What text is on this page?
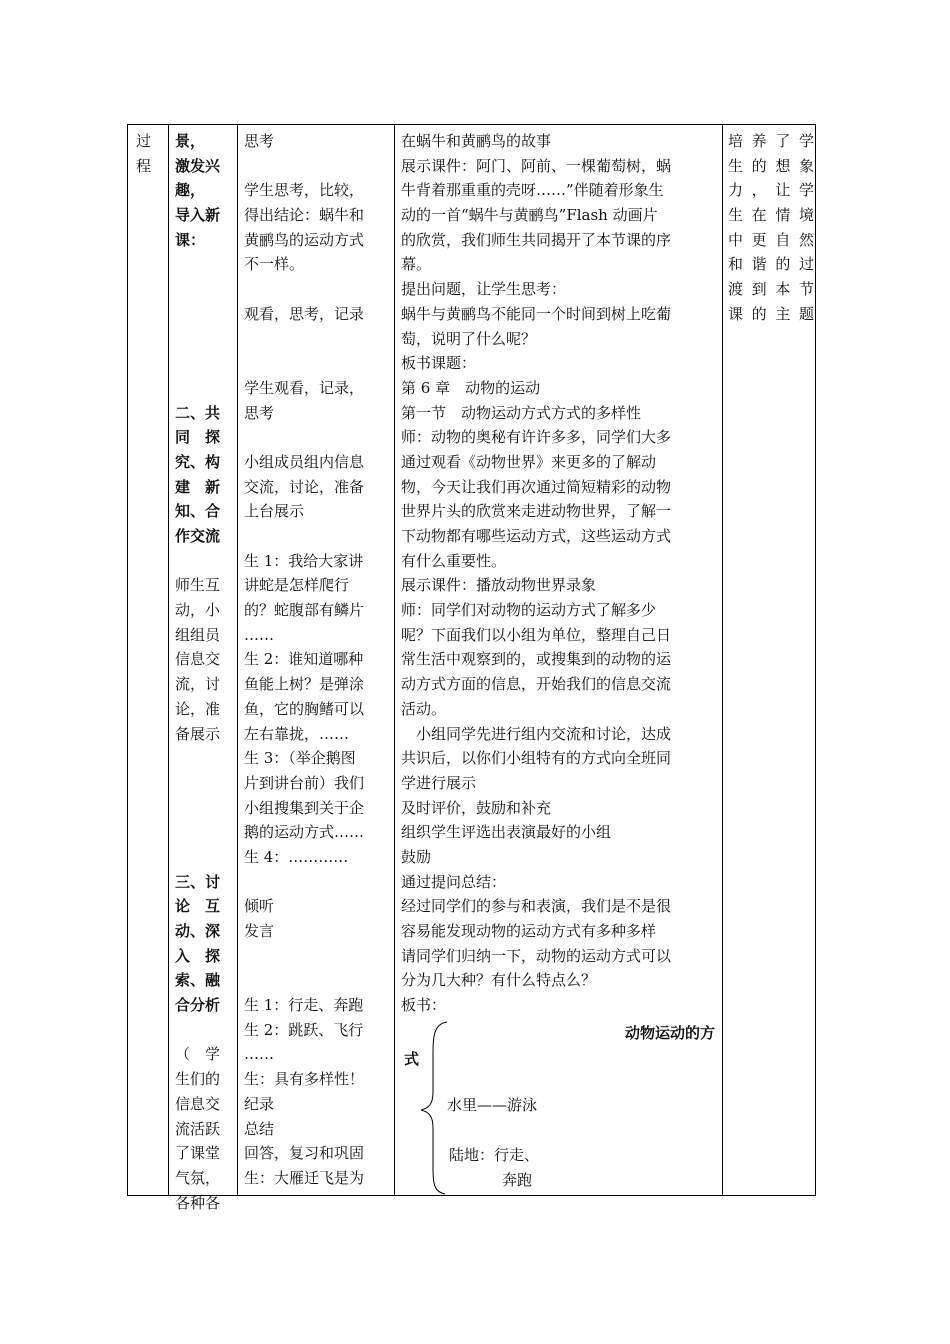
过
程
景，
激发兴
趣，
导入新
课：
二、共
同　探
究、构
建　新
知、合
作交流
师生互
动，小
组组员
信息交
流，讨
论，准
备展示
三、讨
论　互
动、深
入　探
索、融
合分析
（　学
生们的
信息交
流活跃
了课堂
气氛，
各种各
思考
学生思考，比较，
得出结论：蜗牛和
黄鹂鸟的运动方式
不一样。
观看，思考，记录
学生观看，记录，
思考
小组成员组内信息
交流，讨论，准备
上台展示
生 1：我给大家讲
讲蛇是怎样爬行
的？蛇腹部有鳞片
……
生 2：谁知道哪种
鱼能上树？是弹涂
鱼，它的胸鳍可以
左右靠拢，……
生 3：（举企鹅图
片到讲台前）我们
小组搜集到关于企
鹅的运动方式……
生 4：…………
倾听
发言
生 1：行走、奔跑
生 2：跳跃、飞行
……
生：具有多样性！
纪录
总结
回答，复习和巩固
生：大雁迁飞是为
在蜗牛和黄鹂鸟的故事
展示课件：阿门、阿前、一棵葡萄树，蜗
牛背着那重重的壳呀……”伴随着形象生
动的一首“蜗牛与黄鹂鸟”Flash 动画片
的欣赏，我们师生共同揭开了本节课的序
幕。
提出问题，让学生思考：
蜗牛与黄鹂鸟不能同一个时间到树上吃葡
萄，说明了什么呢？
板书课题：
第 6 章　动物的运动
第一节　动物运动方式方式的多样性
师：动物的奥秘有许许多多，同学们大多
通过观看《动物世界》来更多的了解动
物，今天让我们再次通过简短精彩的动物
世界片头的欣赏来走进动物世界，了解一
下动物都有哪些运动方式，这些运动方式
有什么重要性。
展示课件：播放动物世界录象
师：同学们对动物的运动方式了解多少
呢？下面我们以小组为单位，整理自己日
常生活中观察到的，或搜集到的动物的运
动方式方面的信息，开始我们的信息交流
活动。
　小组同学先进行组内交流和讨论，达成
共识后，以你们小组特有的方式向全班同
学进行展示
及时评价，鼓励和补充
组织学生评选出表演最好的小组
鼓励
通过提问总结：
经过同学们的参与和表演，我们是不是很
容易能发现动物的运动方式有多种多样
请同学们归纳一下，动物的运动方式可以
分为几大种？有什么特点么？
板书：
动物运动的方
式
水里——游泳
陆地：行走、
奔跑
培养了学
生的想象
力，让学
生在情境
中更自然
和谐的过
渡到本节
课的主题
